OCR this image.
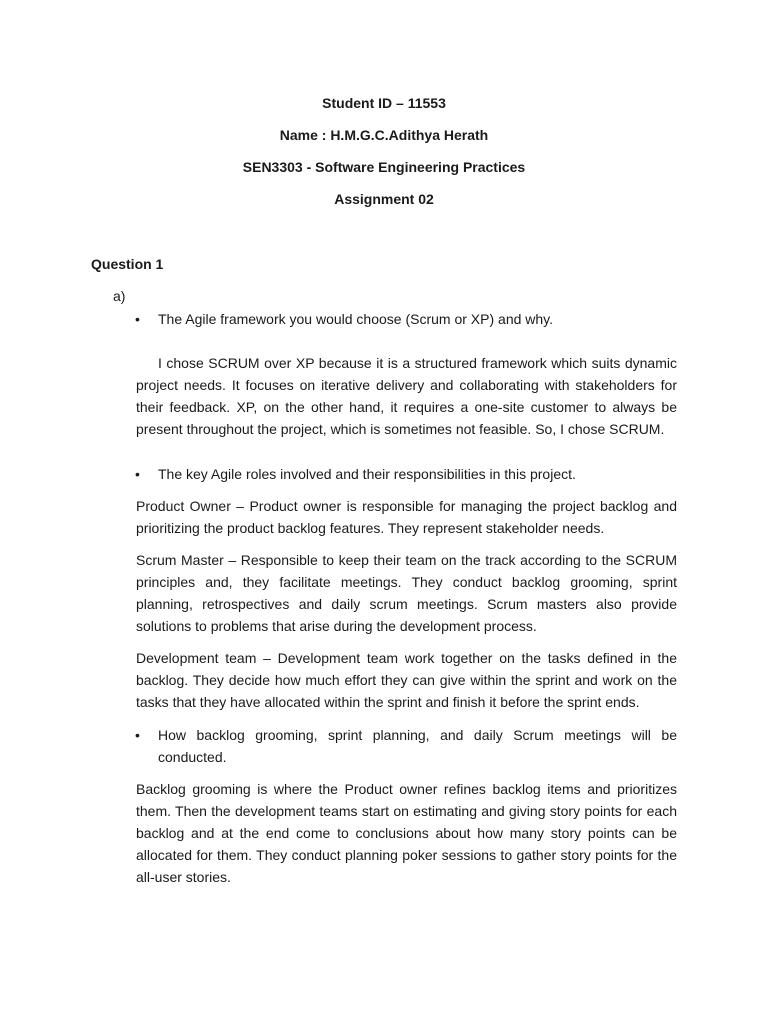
Student ID – 11553
Name : H.M.G.C.Adithya Herath
SEN3303 - Software Engineering Practices
Assignment 02
Question 1
a)
• The Agile framework you would choose (Scrum or XP) and why.
I chose SCRUM over XP because it is a structured framework which suits dynamic project needs. It focuses on iterative delivery and collaborating with stakeholders for their feedback. XP, on the other hand, it requires a one-site customer to always be present throughout the project, which is sometimes not feasible. So, I chose SCRUM.
• The key Agile roles involved and their responsibilities in this project.
Product Owner – Product owner is responsible for managing the project backlog and prioritizing the product backlog features. They represent stakeholder needs.
Scrum Master – Responsible to keep their team on the track according to the SCRUM principles and, they facilitate meetings. They conduct backlog grooming, sprint planning, retrospectives and daily scrum meetings. Scrum masters also provide solutions to problems that arise during the development process.
Development team – Development team work together on the tasks defined in the backlog. They decide how much effort they can give within the sprint and work on the tasks that they have allocated within the sprint and finish it before the sprint ends.
• How backlog grooming, sprint planning, and daily Scrum meetings will be conducted.
Backlog grooming is where the Product owner refines backlog items and prioritizes them. Then the development teams start on estimating and giving story points for each backlog and at the end come to conclusions about how many story points can be allocated for them. They conduct planning poker sessions to gather story points for the all-user stories.
